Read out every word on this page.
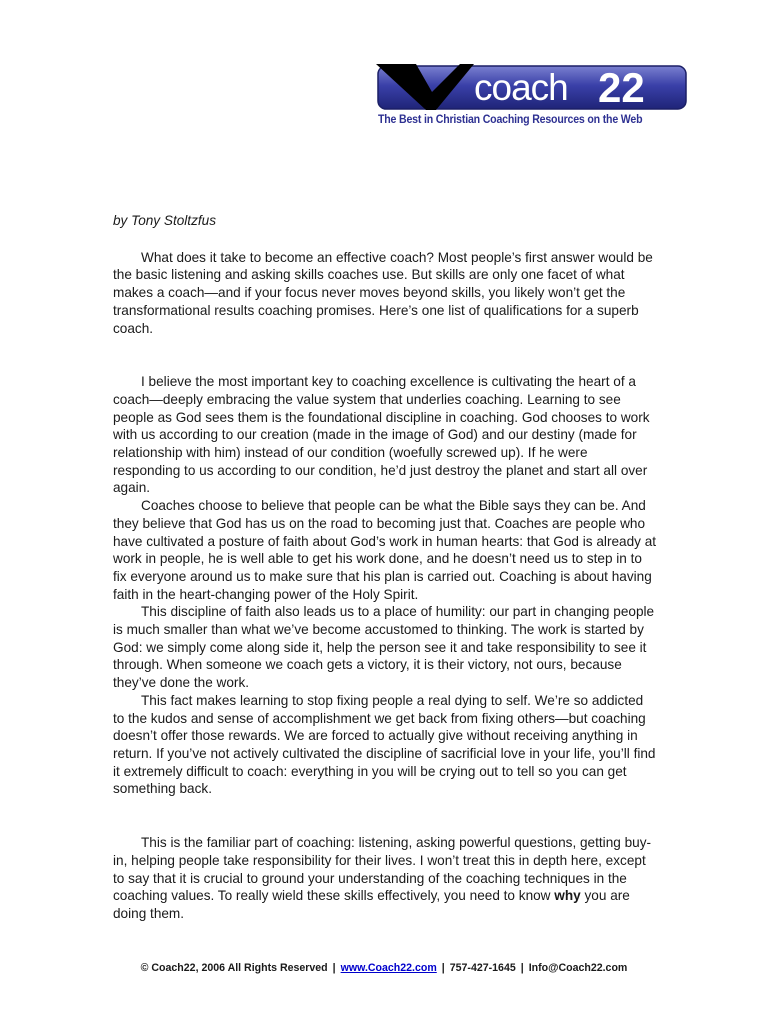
coach 22
The Best in Christian Coaching Resources on the Web

by Tony Stoltzfus

What does it take to become an effective coach? Most people’s first answer would be the basic listening and asking skills coaches use. But skills are only one facet of what makes a coach—and if your focus never moves beyond skills, you likely won’t get the transformational results coaching promises. Here’s one list of qualifications for a superb coach.

I believe the most important key to coaching excellence is cultivating the heart of a coach—deeply embracing the value system that underlies coaching. Learning to see people as God sees them is the foundational discipline in coaching. God chooses to work with us according to our creation (made in the image of God) and our destiny (made for relationship with him) instead of our condition (woefully screwed up). If he were responding to us according to our condition, he’d just destroy the planet and start all over again.

Coaches choose to believe that people can be what the Bible says they can be. And they believe that God has us on the road to becoming just that. Coaches are people who have cultivated a posture of faith about God’s work in human hearts: that God is already at work in people, he is well able to get his work done, and he doesn’t need us to step in to fix everyone around us to make sure that his plan is carried out. Coaching is about having faith in the heart-changing power of the Holy Spirit.

This discipline of faith also leads us to a place of humility: our part in changing people is much smaller than what we’ve become accustomed to thinking. The work is started by God: we simply come along side it, help the person see it and take responsibility to see it through. When someone we coach gets a victory, it is their victory, not ours, because they’ve done the work.

This fact makes learning to stop fixing people a real dying to self. We’re so addicted to the kudos and sense of accomplishment we get back from fixing others—but coaching doesn’t offer those rewards. We are forced to actually give without receiving anything in return. If you’ve not actively cultivated the discipline of sacrificial love in your life, you’ll find it extremely difficult to coach: everything in you will be crying out to tell so you can get something back.

This is the familiar part of coaching: listening, asking powerful questions, getting buy-in, helping people take responsibility for their lives. I won’t treat this in depth here, except to say that it is crucial to ground your understanding of the coaching techniques in the coaching values. To really wield these skills effectively, you need to know why you are doing them.

© Coach22, 2006 All Rights Reserved | www.Coach22.com | 757-427-1645 | Info@Coach22.com
